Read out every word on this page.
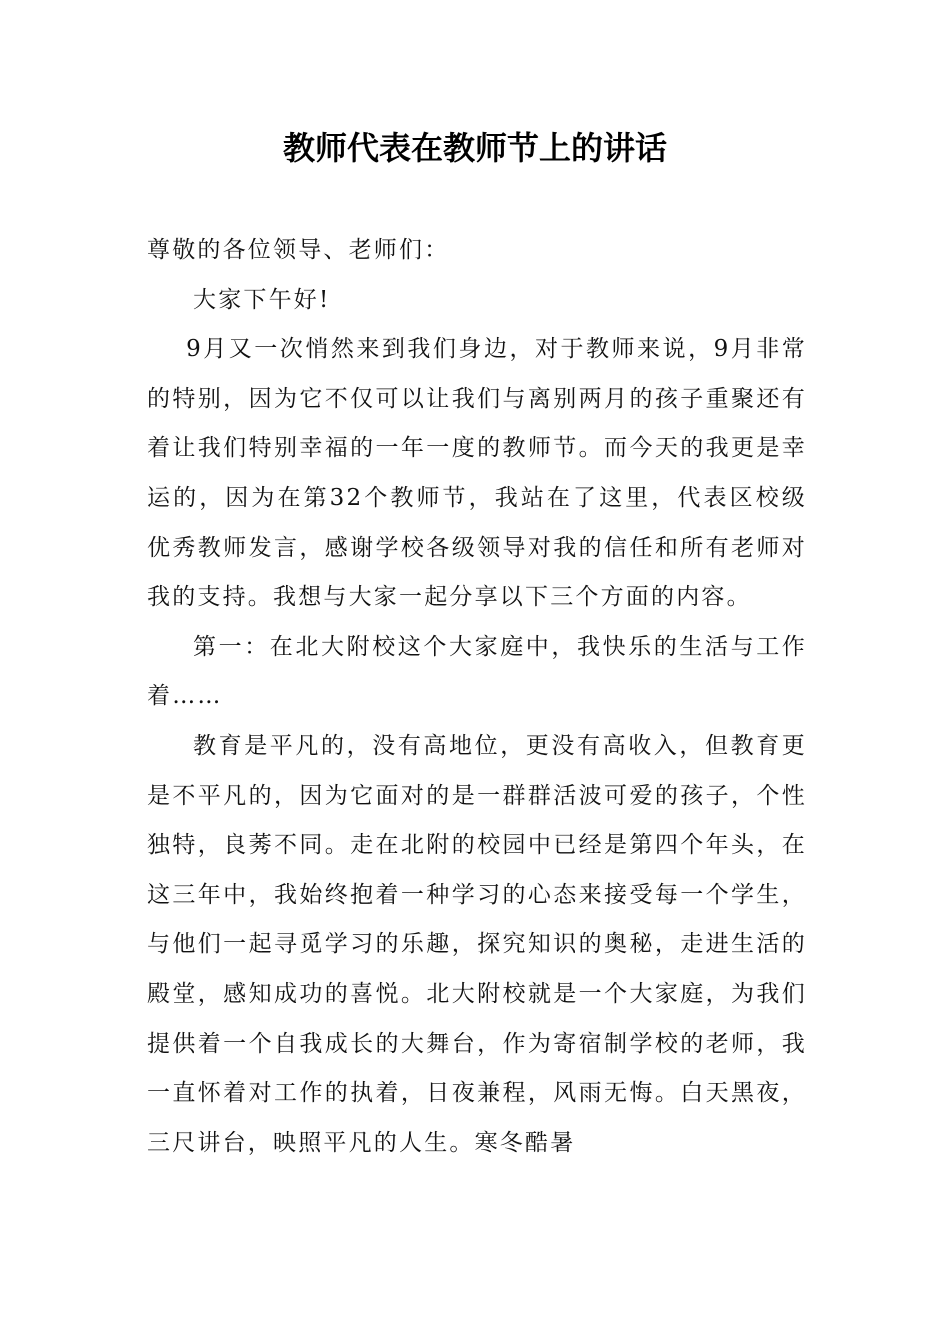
教师代表在教师节上的讲话

尊敬的各位领导、老师们：

大家下午好!

9月又一次悄然来到我们身边，对于教师来说，9月非常的特别，因为它不仅可以让我们与离别两月的孩子重聚还有着让我们特别幸福的一年一度的教师节。而今天的我更是幸运的，因为在第32个教师节，我站在了这里，代表区校级优秀教师发言，感谢学校各级领导对我的信任和所有老师对我的支持。我想与大家一起分享以下三个方面的内容。

第一：在北大附校这个大家庭中，我快乐的生活与工作着……

教育是平凡的，没有高地位，更没有高收入，但教育更是不平凡的，因为它面对的是一群群活波可爱的孩子，个性独特，良莠不同。走在北附的校园中已经是第四个年头，在这三年中，我始终抱着一种学习的心态来接受每一个学生，与他们一起寻觅学习的乐趣，探究知识的奥秘，走进生活的殿堂，感知成功的喜悦。北大附校就是一个大家庭，为我们提供着一个自我成长的大舞台，作为寄宿制学校的老师，我一直怀着对工作的执着，日夜兼程，风雨无悔。白天黑夜，三尺讲台，映照平凡的人生。寒冬酷暑
